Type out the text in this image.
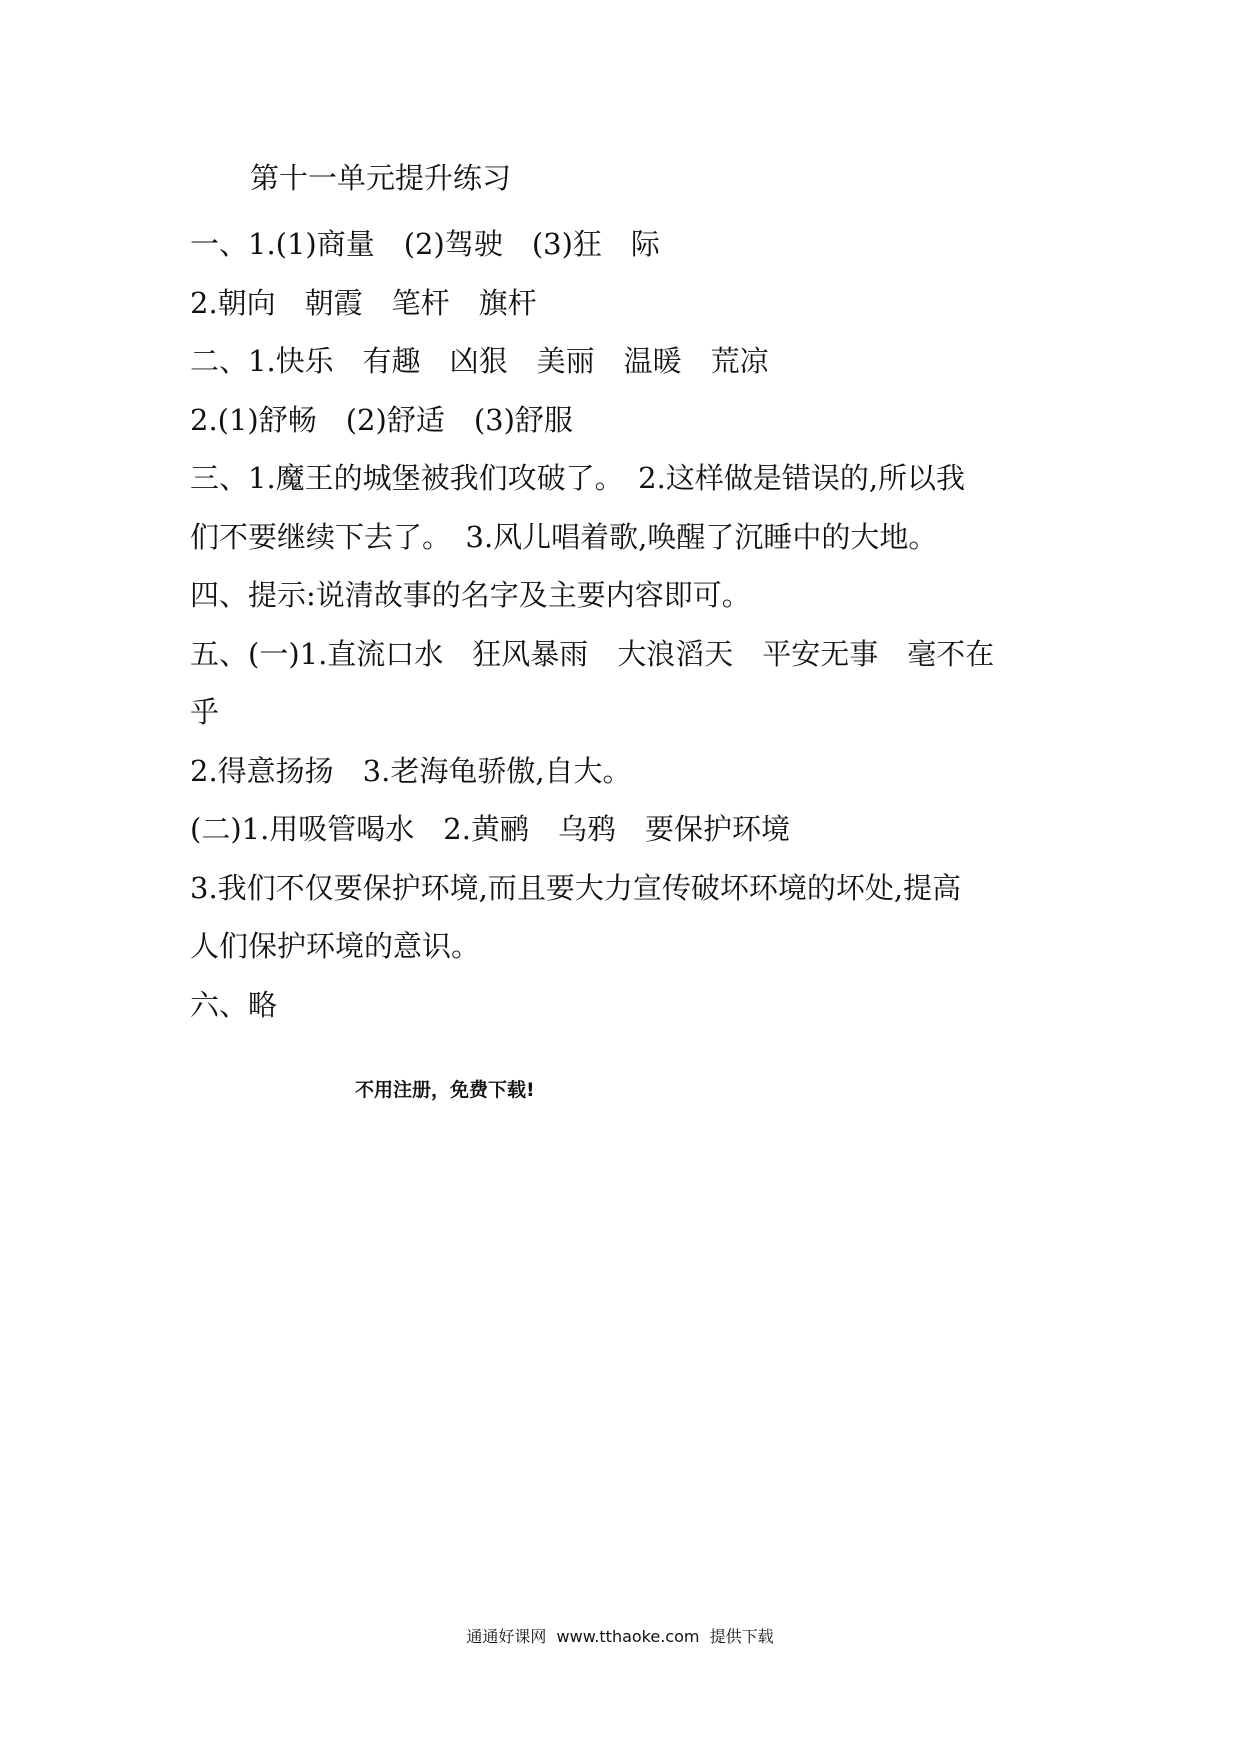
第十一单元提升练习
一、1.(1)商量　(2)驾驶　(3)狂　际
2.朝向　朝霞　笔杆　旗杆
二、1.快乐　有趣　凶狠　美丽　温暖　荒凉
2.(1)舒畅　(2)舒适　(3)舒服
三、1.魔王的城堡被我们攻破了。　2.这样做是错误的,所以我
们不要继续下去了。　3.风儿唱着歌,唤醒了沉睡中的大地。
四、提示:说清故事的名字及主要内容即可。
五、(一)1.直流口水　狂风暴雨　大浪滔天　平安无事　毫不在
乎
2.得意扬扬　3.老海龟骄傲,自大。
(二)1.用吸管喝水　2.黄鹂　乌鸦　要保护环境
3.我们不仅要保护环境,而且要大力宣传破坏环境的坏处,提高
人们保护环境的意识。
六、略
不用注册，免费下载!
通通好课网  www.tthaoke.com  提供下载
